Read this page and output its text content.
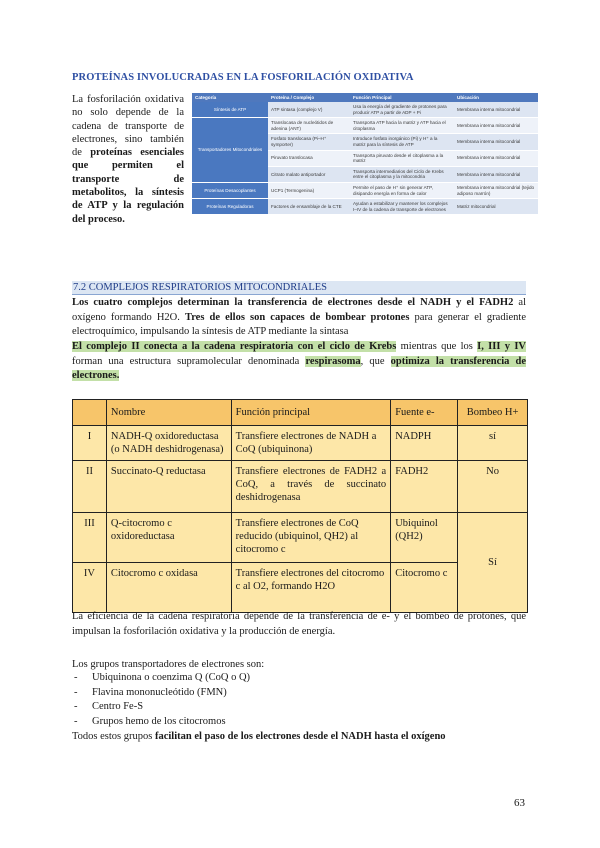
PROTEÍNAS INVOLUCRADAS EN LA FOSFORILACIÓN OXIDATIVA
La fosforilación oxidativa no solo depende de la cadena de transporte de electrones, sino también de proteínas esenciales que permiten el transporte de metabolitos, la síntesis de ATP y la regulación del proceso.
Categoría	Proteína / Complejo	Función Principal	Ubicación
Síntesis de ATP	ATP sintasa (complejo V)	Usa la energía del gradiente de protones para producir ATP a partir de ADP + Pi	Membrana interna mitocondrial
Transportadores Mitocondriales	Translocasa de nucleótidos de adenina (ANT)	Transporta ATP hacia la matriz y ATP hacia el citoplasma	Membrana interna mitocondrial
	Fosfato translocasa (Pi–H⁺ symporter)	Introduce fosfato inorgánico (Pi) y H⁺ a la matriz para la síntesis de ATP	Membrana interna mitocondrial
	Piruvato translocasa	Transporta piruvato desde el citoplasma a la matriz	Membrana interna mitocondrial
	Citrato malato antiportador	Transporta intermediarios del Ciclo de Krebs entre el citoplasma y la mitocondria	Membrana interna mitocondrial
Proteínas Desacoplantes	UCP1 (Termogenina)	Permite el paso de H⁺ sin generar ATP, disipando energía en forma de calor	Membrana interna mitocondrial (tejido adiposo marrón)
Proteínas Reguladoras	Factores de ensamblaje de la CTE	Ayudan a estabilizar y mantener los complejos I–IV de la cadena de transporte de electrones	Matriz mitocondrial
7.2 COMPLEJOS RESPIRATORIOS MITOCONDRIALES
Los cuatro complejos determinan la transferencia de electrones desde el NADH y el FADH2 al oxígeno formando H2O. Tres de ellos son capaces de bombear protones para generar el gradiente electroquímico, impulsando la síntesis de ATP mediante la sintasa
El complejo II conecta a la cadena respiratoria con el ciclo de Krebs mientras que los I, III y IV forman una estructura supramolecular denominada respirasoma, que optimiza la transferencia de electrones.
	Nombre	Función principal	Fuente e-	Bombeo H+
I	NADH-Q oxidoreductasa (o NADH deshidrogenasa)	Transfiere electrones de NADH a CoQ (ubiquinona)	NADPH	sí
II	Succinato-Q reductasa	Transfiere electrones de FADH2 a CoQ, a través de succinato deshidrogenasa	FADH2	No
III	Q-citocromo c oxidoreductasa	Transfiere electrones de CoQ reducido (ubiquinol, QH2) al citocromo c	Ubiquinol (QH2)	Sí
IV	Citocromo c oxidasa	Transfiere electrones del citocromo c al O2, formando H2O	Citocromo c	
La eficiencia de la cadena respiratoria depende de la transferencia de e- y el bombeo de protones, que impulsan la fosforilación oxidativa y la producción de energía.
Los grupos transportadores de electrones son:
- Ubiquinona o coenzima Q (CoQ o Q)
- Flavina mononucleótido (FMN)
- Centro Fe-S
- Grupos hemo de los citocromos
Todos estos grupos facilitan el paso de los electrones desde el NADH hasta el oxígeno
63
